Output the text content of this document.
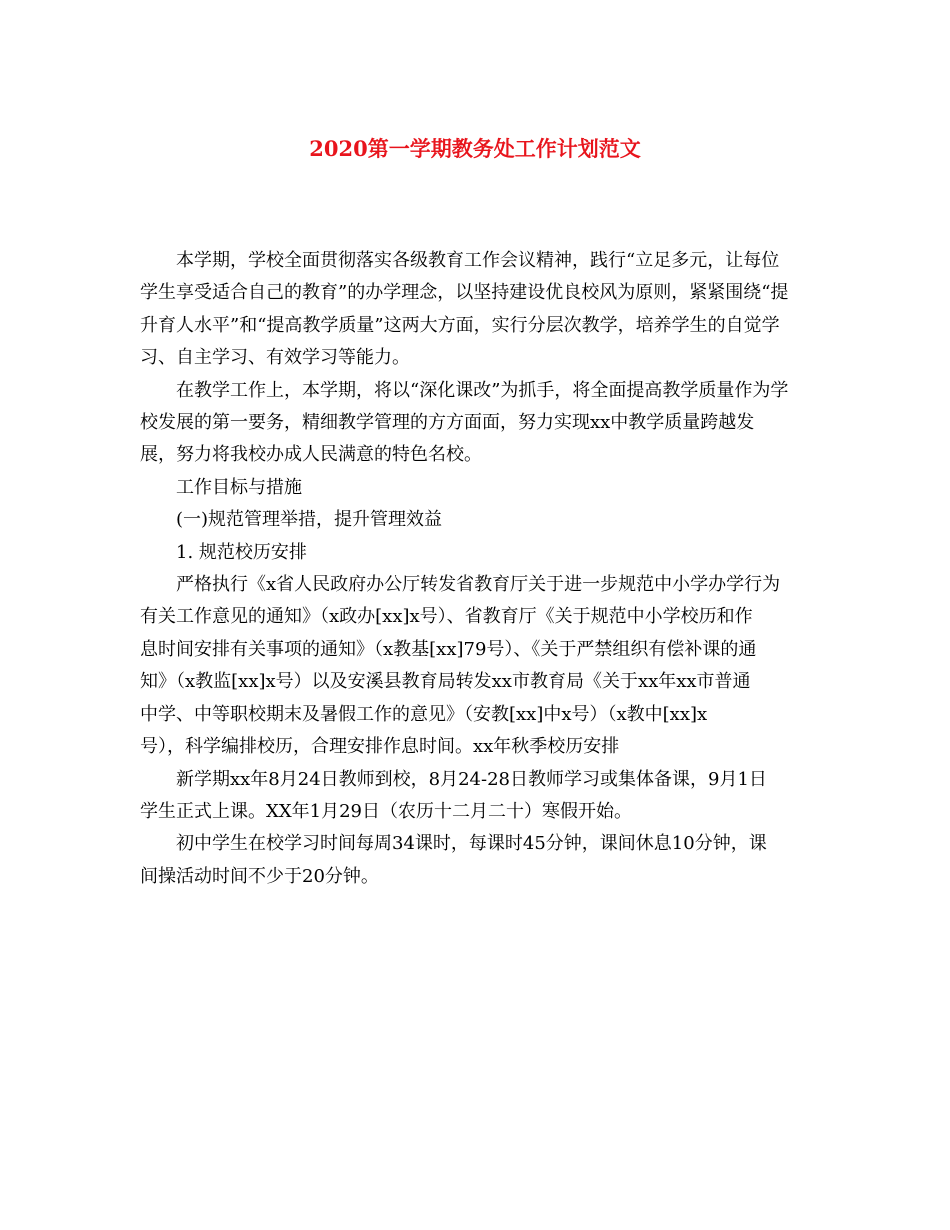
2020第一学期教务处工作计划范文

本学期，学校全面贯彻落实各级教育工作会议精神，践行“立足多元，让每位
学生享受适合自己的教育”的办学理念，以坚持建设优良校风为原则，紧紧围绕“提
升育人水平”和“提高教学质量”这两大方面，实行分层次教学，培养学生的自觉学
习、自主学习、有效学习等能力。

在教学工作上，本学期，将以“深化课改”为抓手，将全面提高教学质量作为学
校发展的第一要务，精细教学管理的方方面面，努力实现xx中教学质量跨越发
展，努力将我校办成人民满意的特色名校。

工作目标与措施

(一)规范管理举措，提升管理效益

1. 规范校历安排

严格执行《x省人民政府办公厅转发省教育厅关于进一步规范中小学办学行为
有关工作意见的通知》（x政办[xx]x号）、省教育厅《关于规范中小学校历和作
息时间安排有关事项的通知》（x教基[xx]79号）、《关于严禁组织有偿补课的通
知》（x教监[xx]x号）以及安溪县教育局转发xx市教育局《关于xx年xx市普通
中学、中等职校期末及暑假工作的意见》（安教[xx]中x号）（x教中[xx]x
号），科学编排校历，合理安排作息时间。xx年秋季校历安排

新学期xx年8月24日教师到校，8月24-28日教师学习或集体备课，9月1日
学生正式上课。XX年1月29日（农历十二月二十）寒假开始。

初中学生在校学习时间每周34课时，每课时45分钟，课间休息10分钟，课
间操活动时间不少于20分钟。
